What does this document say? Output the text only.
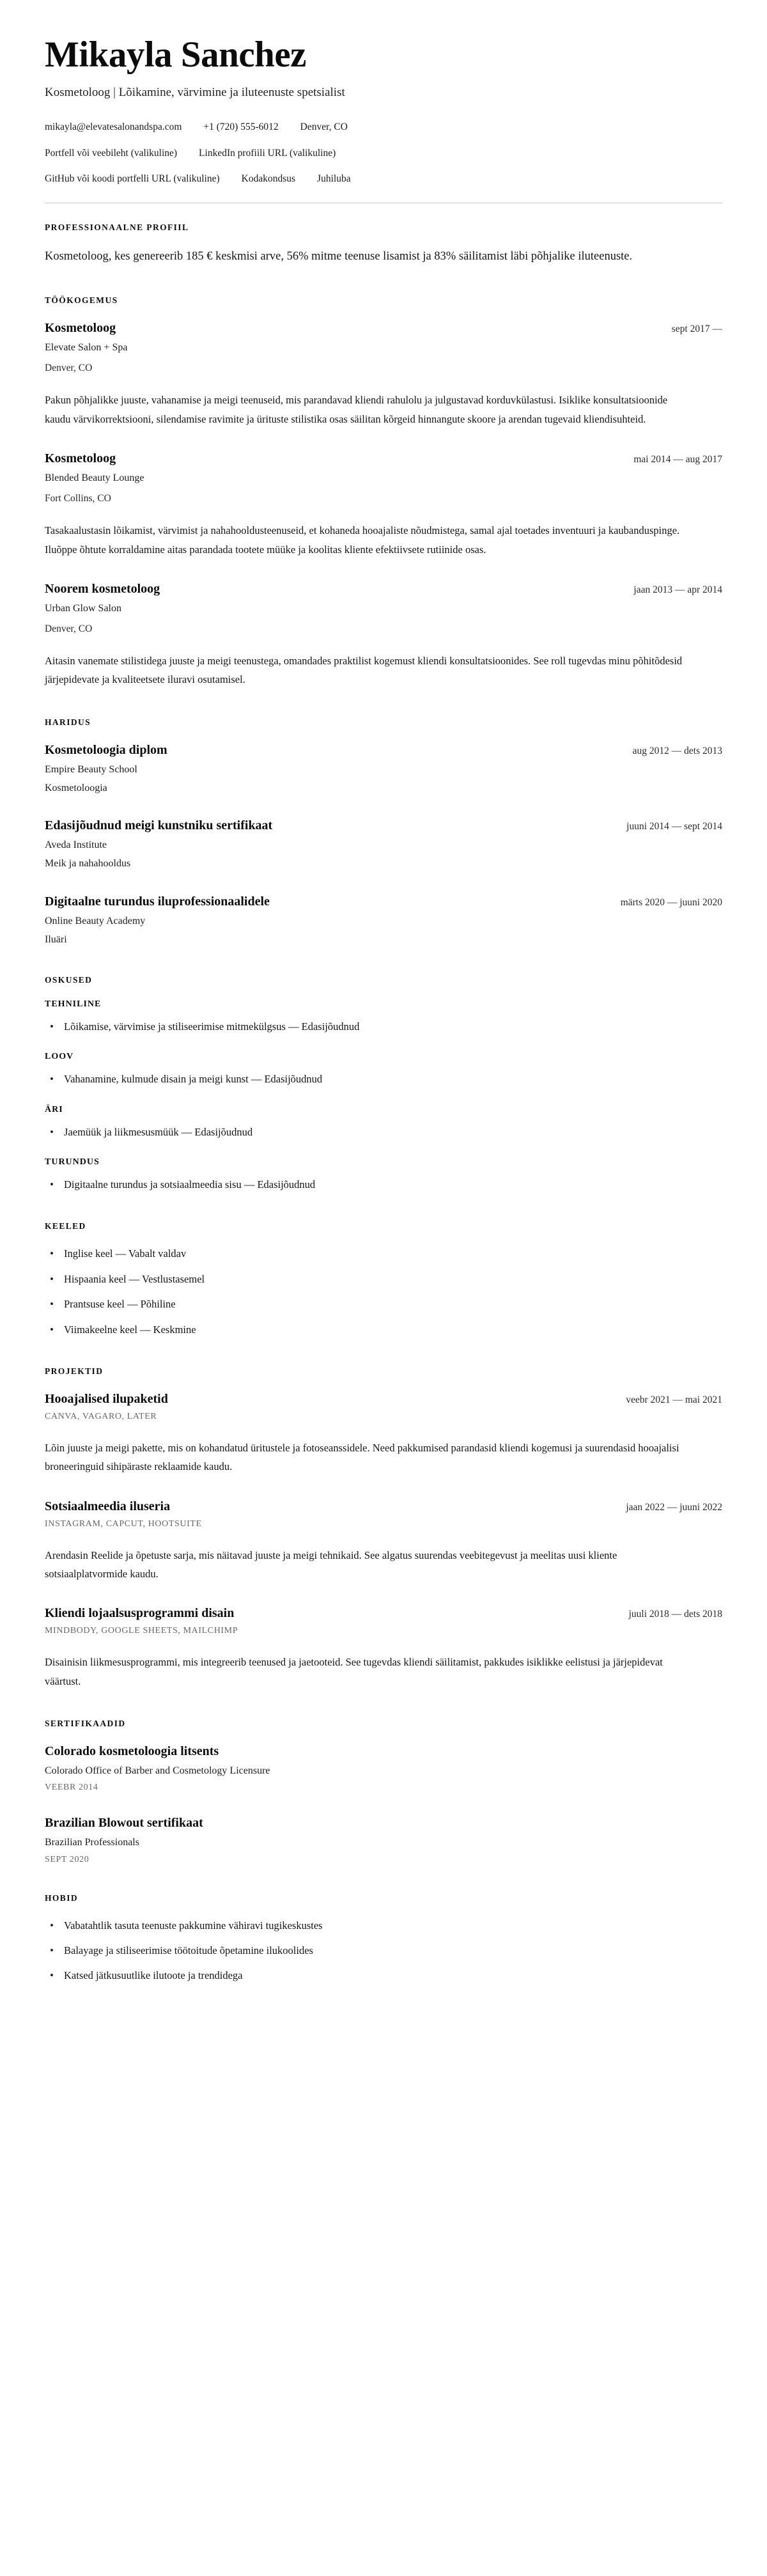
Mikayla Sanchez

Kosmetoloog | Lõikamine, värvimine ja iluteenuste spetsialist

mikayla@elevatesalonandspa.com +1 (720) 555-6012 Denver, CO
Portfell või veebileht (valikuline) LinkedIn profiili URL (valikuline)
GitHub või koodi portfelli URL (valikuline) Kodakondsus Juhiluba
PROFESSIONAALNE PROFIIL

Kosmetoloog, kes genereerib 185 € keskmisi arve, 56% mitme teenuse lisamist ja 83% säilitamist läbi põhjalike iluteenuste.

TÖÖKOGEMUS
Kosmetoloog	sept 2017 —

Elevate Salon + Spa

Denver, CO

Pakun põhjalikke juuste, vahanamise ja meigi teenuseid, mis parandavad kliendi rahulolu ja julgustavad korduvkülastusi. Isiklike konsultatsioonide kaudu värvikorrektsiooni, silendamise ravimite ja ürituste stilistika osas säilitan kõrgeid hinnangute skoore ja arendan tugevaid kliendisuhteid.

Kosmetoloog	mai 2014 — aug 2017

Blended Beauty Lounge

Fort Collins, CO

Tasakaalustasin lõikamist, värvimist ja nahahooldusteenuseid, et kohaneda hooajaliste nõudmistega, samal ajal toetades inventuuri ja kaubanduspinge. Iluõppe õhtute korraldamine aitas parandada tootete müüke ja koolitas kliente efektiivsete rutiinide osas.

Noorem kosmetoloog	jaan 2013 — apr 2014

Urban Glow Salon

Denver, CO

Aitasin vanemate stilistidega juuste ja meigi teenustega, omandades praktilist kogemust kliendi konsultatsioonides. See roll tugevdas minu põhitõdesid järjepidevate ja kvaliteetsete iluravi osutamisel.

HARIDUS
Kosmetoloogia diplom	aug 2012 — dets 2013

Empire Beauty School

Kosmetoloogia

Edasijõudnud meigi kunstniku sertifikaat	juuni 2014 — sept 2014

Aveda Institute

Meik ja nahahooldus

Digitaalne turundus iluprofessionaalidele	märts 2020 — juuni 2020

Online Beauty Academy

Iluäri

OSKUSED
TEHNILINE
• Lõikamise, värvimise ja stiliseerimise mitmekülgsus — Edasijõudnud
LOOV
• Vahanamine, kulmude disain ja meigi kunst — Edasijõudnud
ÄRI
• Jaemüük ja liikmesusmüük — Edasijõudnud
TURUNDUS
• Digitaalne turundus ja sotsiaalmeedia sisu — Edasijõudnud
KEELED
• Inglise keel — Vabalt valdav
• Hispaania keel — Vestlustasemel
• Prantsuse keel — Põhiline
• Viimakeelne keel — Keskmine
PROJEKTID
Hooajalised ilupaketid	veebr 2021 — mai 2021

CANVA, VAGARO, LATER

Lõin juuste ja meigi pakette, mis on kohandatud üritustele ja fotoseanssidele. Need pakkumised parandasid kliendi kogemusi ja suurendasid hooajalisi broneeringuid sihipäraste reklaamide kaudu.

Sotsiaalmeedia iluseria	jaan 2022 — juuni 2022

INSTAGRAM, CAPCUT, HOOTSUITE

Arendasin Reelide ja õpetuste sarja, mis näitavad juuste ja meigi tehnikaid. See algatus suurendas veebitegevust ja meelitas uusi kliente sotsiaalplatvormide kaudu.

Kliendi lojaalsusprogrammi disain	juuli 2018 — dets 2018

MINDBODY, GOOGLE SHEETS, MAILCHIMP

Disainisin liikmesusprogrammi, mis integreerib teenused ja jaetooteid. See tugevdas kliendi säilitamist, pakkudes isiklikke eelistusi ja järjepidevat väärtust.

SERTIFIKAADID
Colorado kosmetoloogia litsents

Colorado Office of Barber and Cosmetology Licensure

VEEBR 2014

Brazilian Blowout sertifikaat

Brazilian Professionals

SEPT 2020

HOBID
• Vabatahtlik tasuta teenuste pakkumine vähiravi tugikeskustes
• Balayage ja stiliseerimise töötoitude õpetamine ilukoolides
• Katsed jätkusuutlike ilutoote ja trendidega
